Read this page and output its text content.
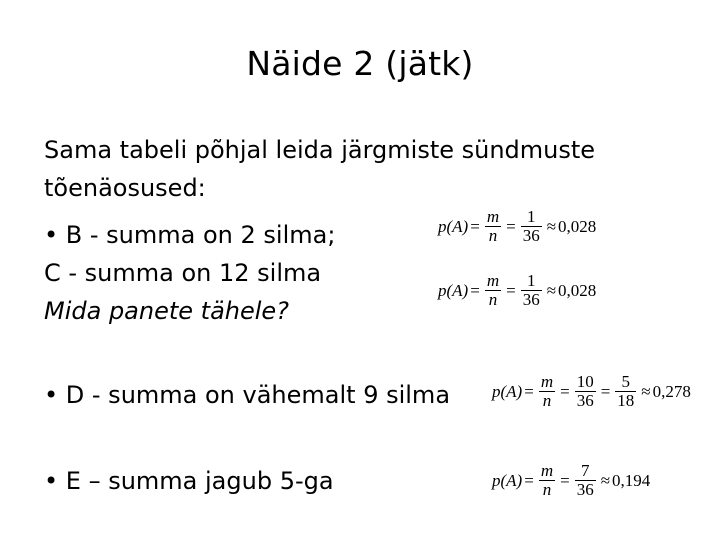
Näide 2 (jätk)
Sama tabeli põhjal leida järgmiste sündmuste
tõenäosused:
• B - summa on 2 silma;
C - summa on 12 silma
Mida panete tähele?
• D - summa on vähemalt 9 silma
• E – summa jagub 5-ga
$p(A) = \frac{m}{n} = \frac{1}{36} \approx 0,028$
$p(A) = \frac{m}{n} = \frac{1}{36} \approx 0,028$
$p(A) = \frac{m}{n} = \frac{10}{36} = \frac{5}{18} \approx 0,278$
$p(A) = \frac{m}{n} = \frac{7}{36} \approx 0,194$
